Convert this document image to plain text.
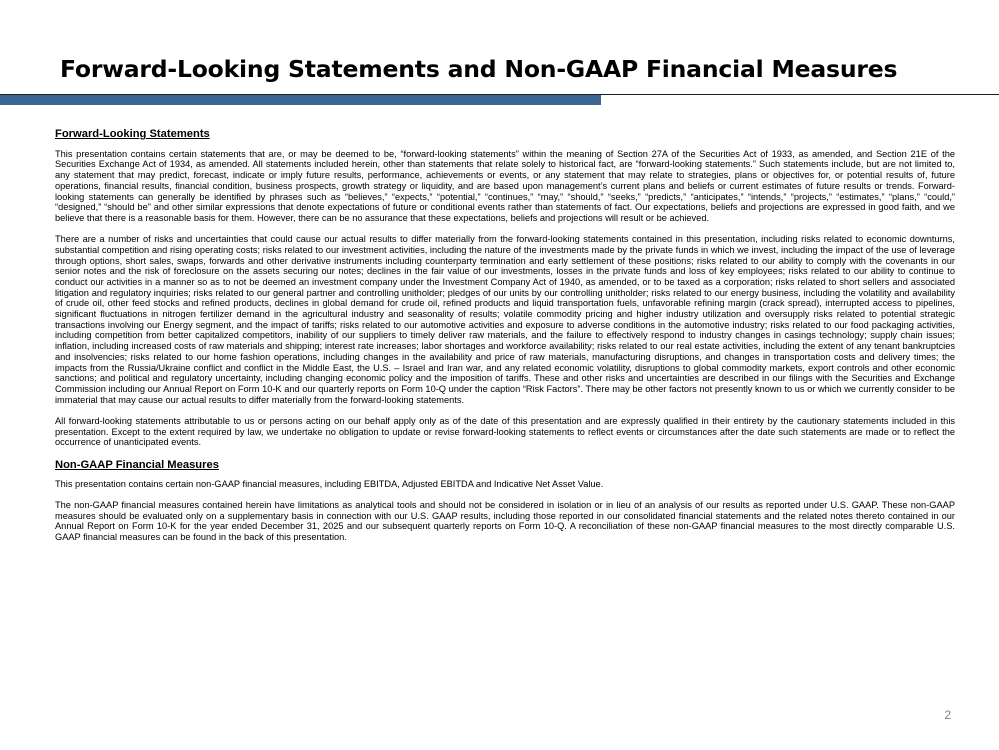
Forward-Looking Statements and Non-GAAP Financial Measures
Forward-Looking Statements

This presentation contains certain statements that are, or may be deemed to be, “forward-looking statements” within the meaning of Section 27A of the Securities Act of 1933, as amended, and Section 21E of the Securities Exchange Act of 1934, as amended. All statements included herein, other than statements that relate solely to historical fact, are “forward-looking statements.” Such statements include, but are not limited to, any statement that may predict, forecast, indicate or imply future results, performance, achievements or events, or any statement that may relate to strategies, plans or objectives for, or potential results of, future operations, financial results, financial condition, business prospects, growth strategy or liquidity, and are based upon management’s current plans and beliefs or current estimates of future results or trends. Forward-looking statements can generally be identified by phrases such as “believes,” “expects,” “potential,” “continues,” “may,” “should,” “seeks,” “predicts,” “anticipates,” “intends,” “projects,” “estimates,” “plans,” “could,” “designed,” “should be” and other similar expressions that denote expectations of future or conditional events rather than statements of fact. Our expectations, beliefs and projections are expressed in good faith, and we believe that there is a reasonable basis for them. However, there can be no assurance that these expectations, beliefs and projections will result or be achieved.

There are a number of risks and uncertainties that could cause our actual results to differ materially from the forward-looking statements contained in this presentation, including risks related to economic downturns, substantial competition and rising operating costs; risks related to our investment activities, including the nature of the investments made by the private funds in which we invest, including the impact of the use of leverage through options, short sales, swaps, forwards and other derivative instruments including counterparty termination and early settlement of these positions; risks related to our ability to comply with the covenants in our senior notes and the risk of foreclosure on the assets securing our notes; declines in the fair value of our investments, losses in the private funds and loss of key employees; risks related to our ability to continue to conduct our activities in a manner so as to not be deemed an investment company under the Investment Company Act of 1940, as amended, or to be taxed as a corporation; risks related to short sellers and associated litigation and regulatory inquiries; risks related to our general partner and controlling unitholder; pledges of our units by our controlling unitholder; risks related to our energy business, including the volatility and availability of crude oil, other feed stocks and refined products, declines in global demand for crude oil, refined products and liquid transportation fuels, unfavorable refining margin (crack spread), interrupted access to pipelines, significant fluctuations in nitrogen fertilizer demand in the agricultural industry and seasonality of results; volatile commodity pricing and higher industry utilization and oversupply risks related to potential strategic transactions involving our Energy segment, and the impact of tariffs; risks related to our automotive activities and exposure to adverse conditions in the automotive industry; risks related to our food packaging activities, including competition from better capitalized competitors, inability of our suppliers to timely deliver raw materials, and the failure to effectively respond to industry changes in casings technology; supply chain issues; inflation, including increased costs of raw materials and shipping; interest rate increases; labor shortages and workforce availability; risks related to our real estate activities, including the extent of any tenant bankruptcies and insolvencies; risks related to our home fashion operations, including changes in the availability and price of raw materials, manufacturing disruptions, and changes in transportation costs and delivery times; the impacts from the Russia/Ukraine conflict and conflict in the Middle East, the U.S. – Israel and Iran war, and any related economic volatility, disruptions to global commodity markets, export controls and other economic sanctions; and political and regulatory uncertainty, including changing economic policy and the imposition of tariffs. These and other risks and uncertainties are described in our filings with the Securities and Exchange Commission including our Annual Report on Form 10-K and our quarterly reports on Form 10-Q under the caption “Risk Factors”. There may be other factors not presently known to us or which we currently consider to be immaterial that may cause our actual results to differ materially from the forward-looking statements.

All forward-looking statements attributable to us or persons acting on our behalf apply only as of the date of this presentation and are expressly qualified in their entirety by the cautionary statements included in this presentation. Except to the extent required by law, we undertake no obligation to update or revise forward-looking statements to reflect events or circumstances after the date such statements are made or to reflect the occurrence of unanticipated events.

Non-GAAP Financial Measures

This presentation contains certain non-GAAP financial measures, including EBITDA, Adjusted EBITDA and Indicative Net Asset Value.

The non-GAAP financial measures contained herein have limitations as analytical tools and should not be considered in isolation or in lieu of an analysis of our results as reported under U.S. GAAP. These non-GAAP measures should be evaluated only on a supplementary basis in connection with our U.S. GAAP results, including those reported in our consolidated financial statements and the related notes thereto contained in our Annual Report on Form 10-K for the year ended December 31, 2025 and our subsequent quarterly reports on Form 10-Q. A reconciliation of these non-GAAP financial measures to the most directly comparable U.S. GAAP financial measures can be found in the back of this presentation.

2
